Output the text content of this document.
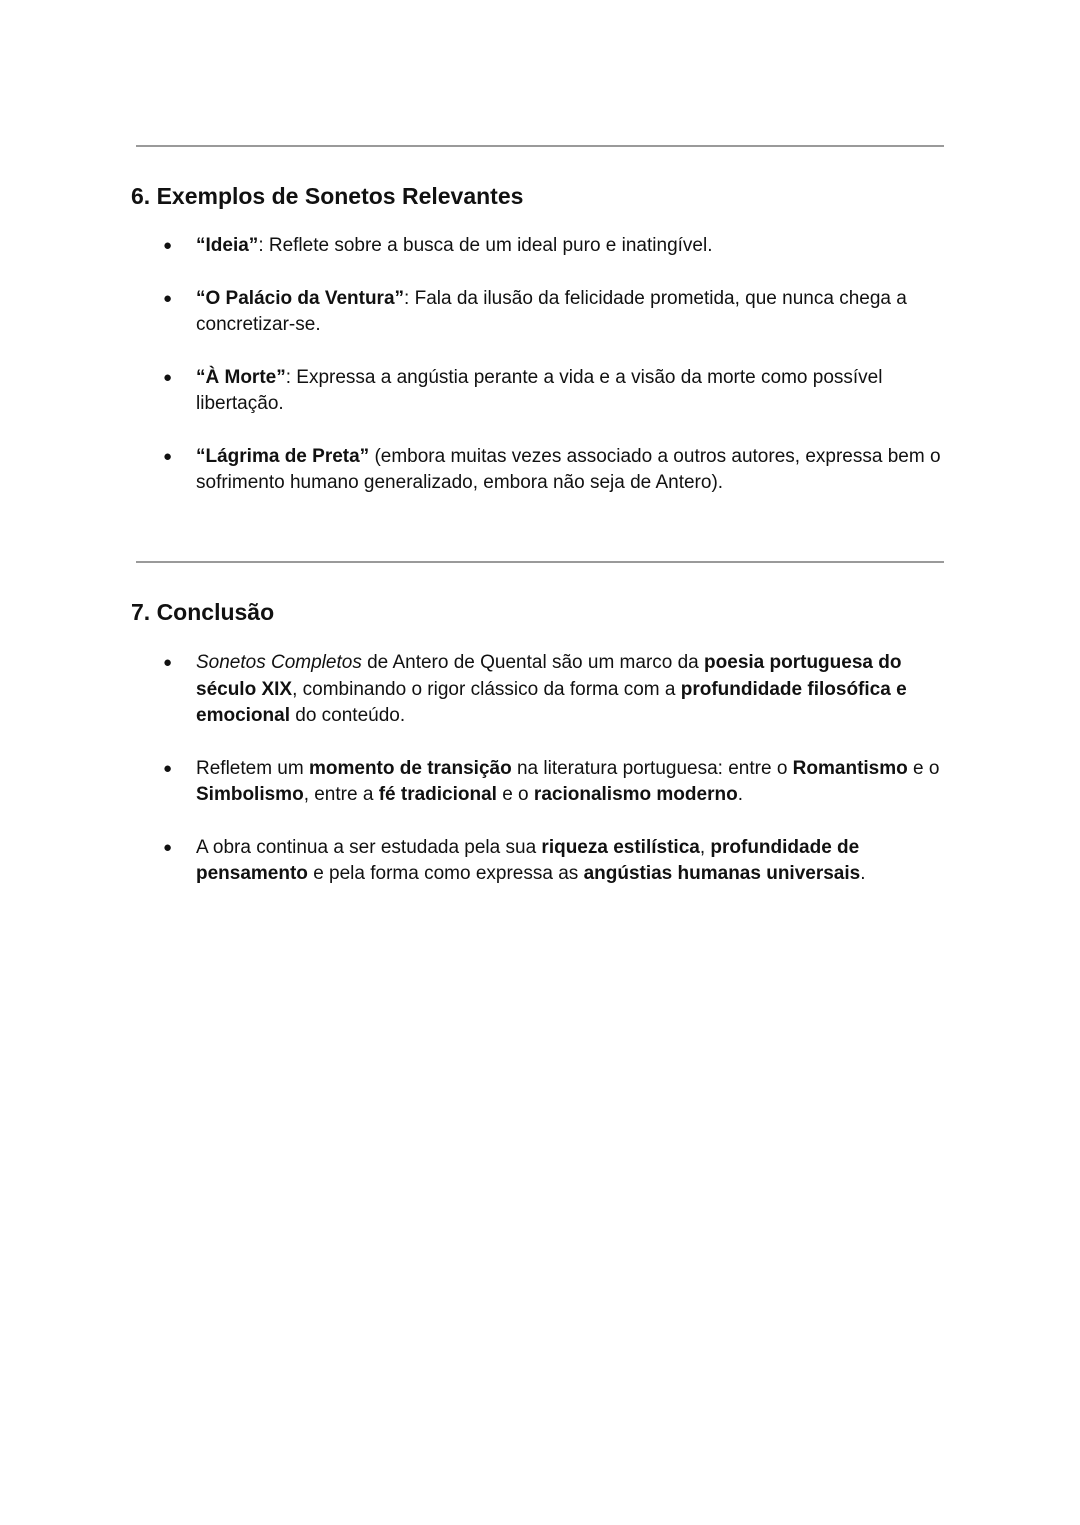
6. Exemplos de Sonetos Relevantes
● “Ideia”: Reflete sobre a busca de um ideal puro e inatingível.
● “O Palácio da Ventura”: Fala da ilusão da felicidade prometida, que nunca chega a concretizar-se.
● “À Morte”: Expressa a angústia perante a vida e a visão da morte como possível libertação.
● “Lágrima de Preta” (embora muitas vezes associado a outros autores, expressa bem o sofrimento humano generalizado, embora não seja de Antero).
7. Conclusão
● Sonetos Completos de Antero de Quental são um marco da poesia portuguesa do século XIX, combinando o rigor clássico da forma com a profundidade filosófica e emocional do conteúdo.
● Refletem um momento de transição na literatura portuguesa: entre o Romantismo e o Simbolismo, entre a fé tradicional e o racionalismo moderno.
● A obra continua a ser estudada pela sua riqueza estilística, profundidade de pensamento e pela forma como expressa as angústias humanas universais.
